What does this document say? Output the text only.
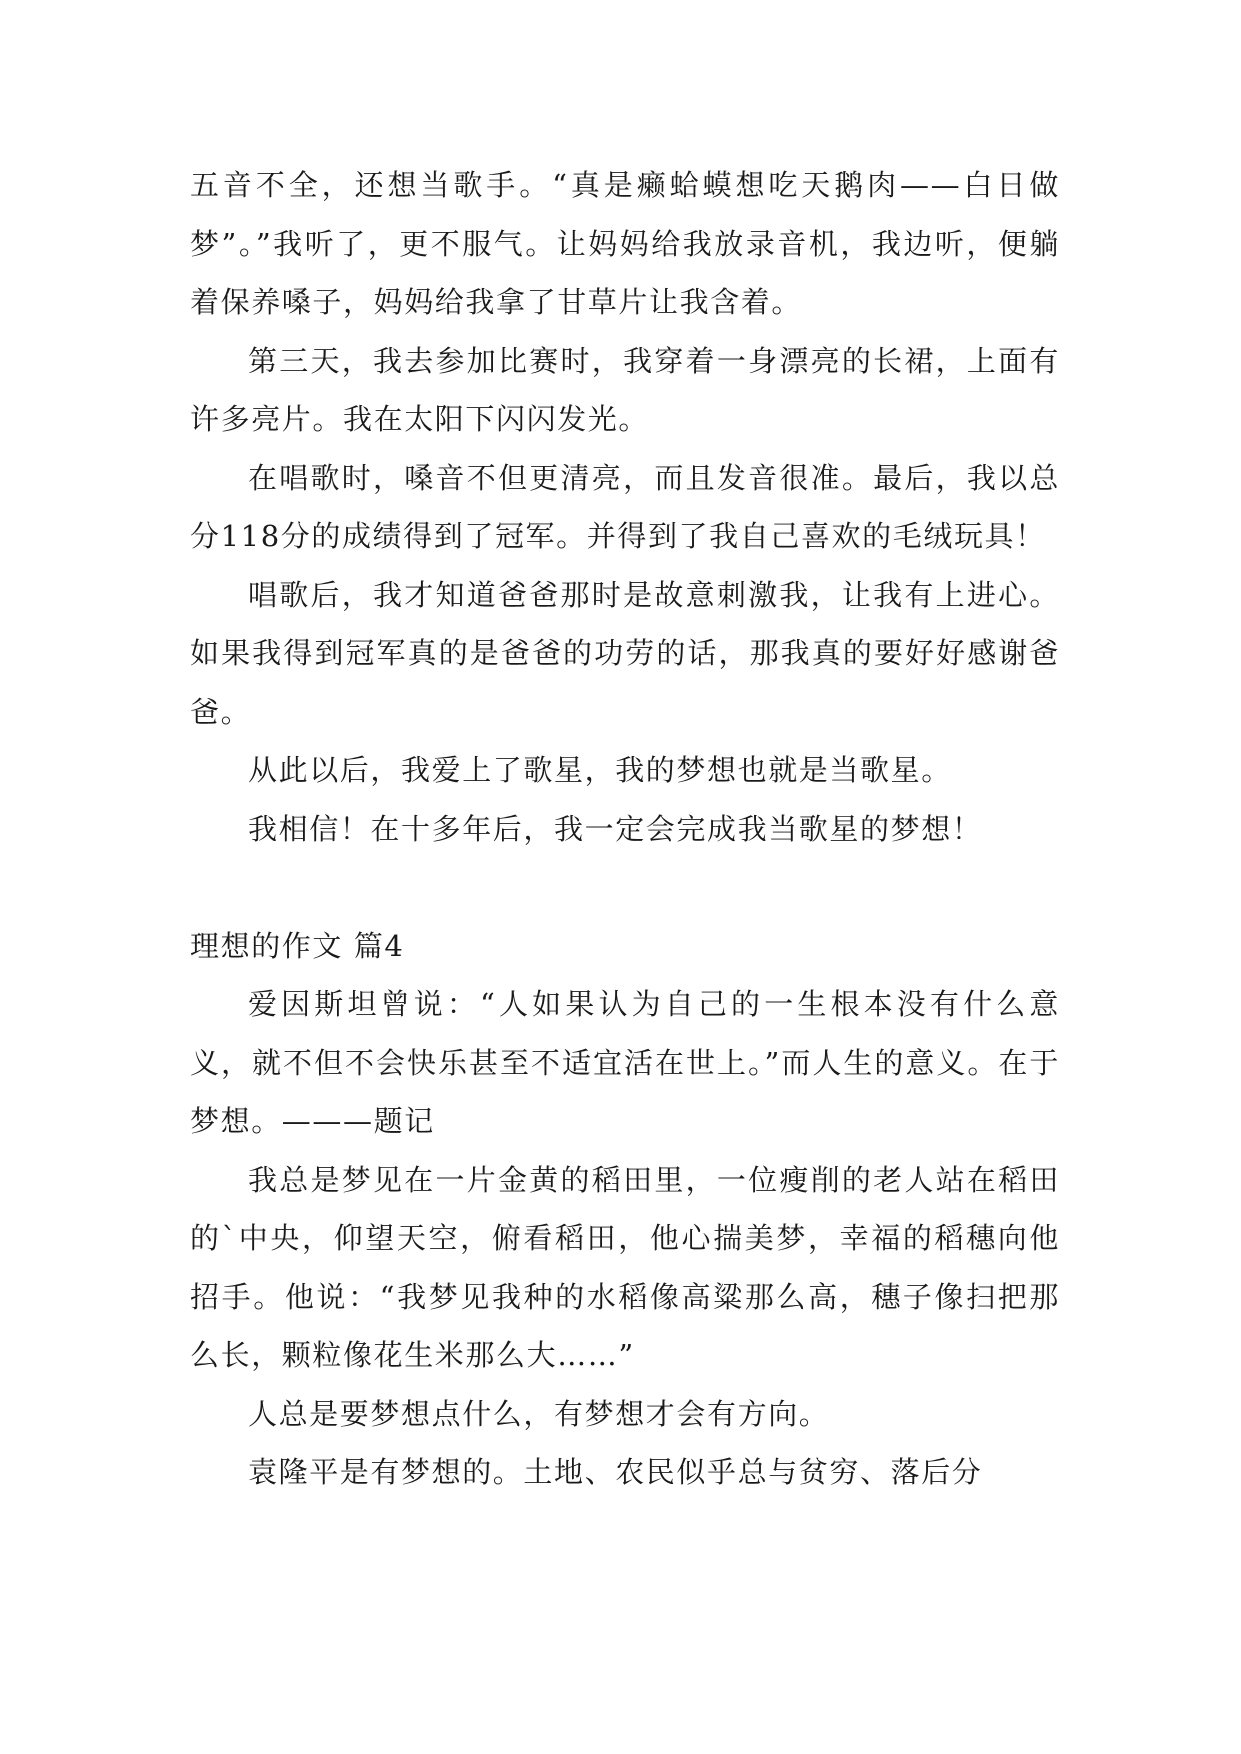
五音不全，还想当歌手。“真是癞蛤蟆想吃天鹅肉——白日做梦”。”我听了，更不服气。让妈妈给我放录音机，我边听，便躺着保养嗓子，妈妈给我拿了甘草片让我含着。

第三天，我去参加比赛时，我穿着一身漂亮的长裙，上面有许多亮片。我在太阳下闪闪发光。

在唱歌时，嗓音不但更清亮，而且发音很准。最后，我以总分118分的成绩得到了冠军。并得到了我自己喜欢的毛绒玩具！

唱歌后，我才知道爸爸那时是故意刺激我，让我有上进心。如果我得到冠军真的是爸爸的功劳的话，那我真的要好好感谢爸爸。

从此以后，我爱上了歌星，我的梦想也就是当歌星。

我相信！在十多年后，我一定会完成我当歌星的梦想！

理想的作文 篇4

爱因斯坦曾说：“人如果认为自己的一生根本没有什么意义，就不但不会快乐甚至不适宜活在世上。”而人生的意义。在于梦想。———题记

我总是梦见在一片金黄的稻田里，一位瘦削的老人站在稻田的`中央，仰望天空，俯看稻田，他心揣美梦，幸福的稻穗向他招手。他说：“我梦见我种的水稻像高粱那么高，穗子像扫把那么长，颗粒像花生米那么大……”

人总是要梦想点什么，有梦想才会有方向。

袁隆平是有梦想的。土地、农民似乎总与贫穷、落后分
